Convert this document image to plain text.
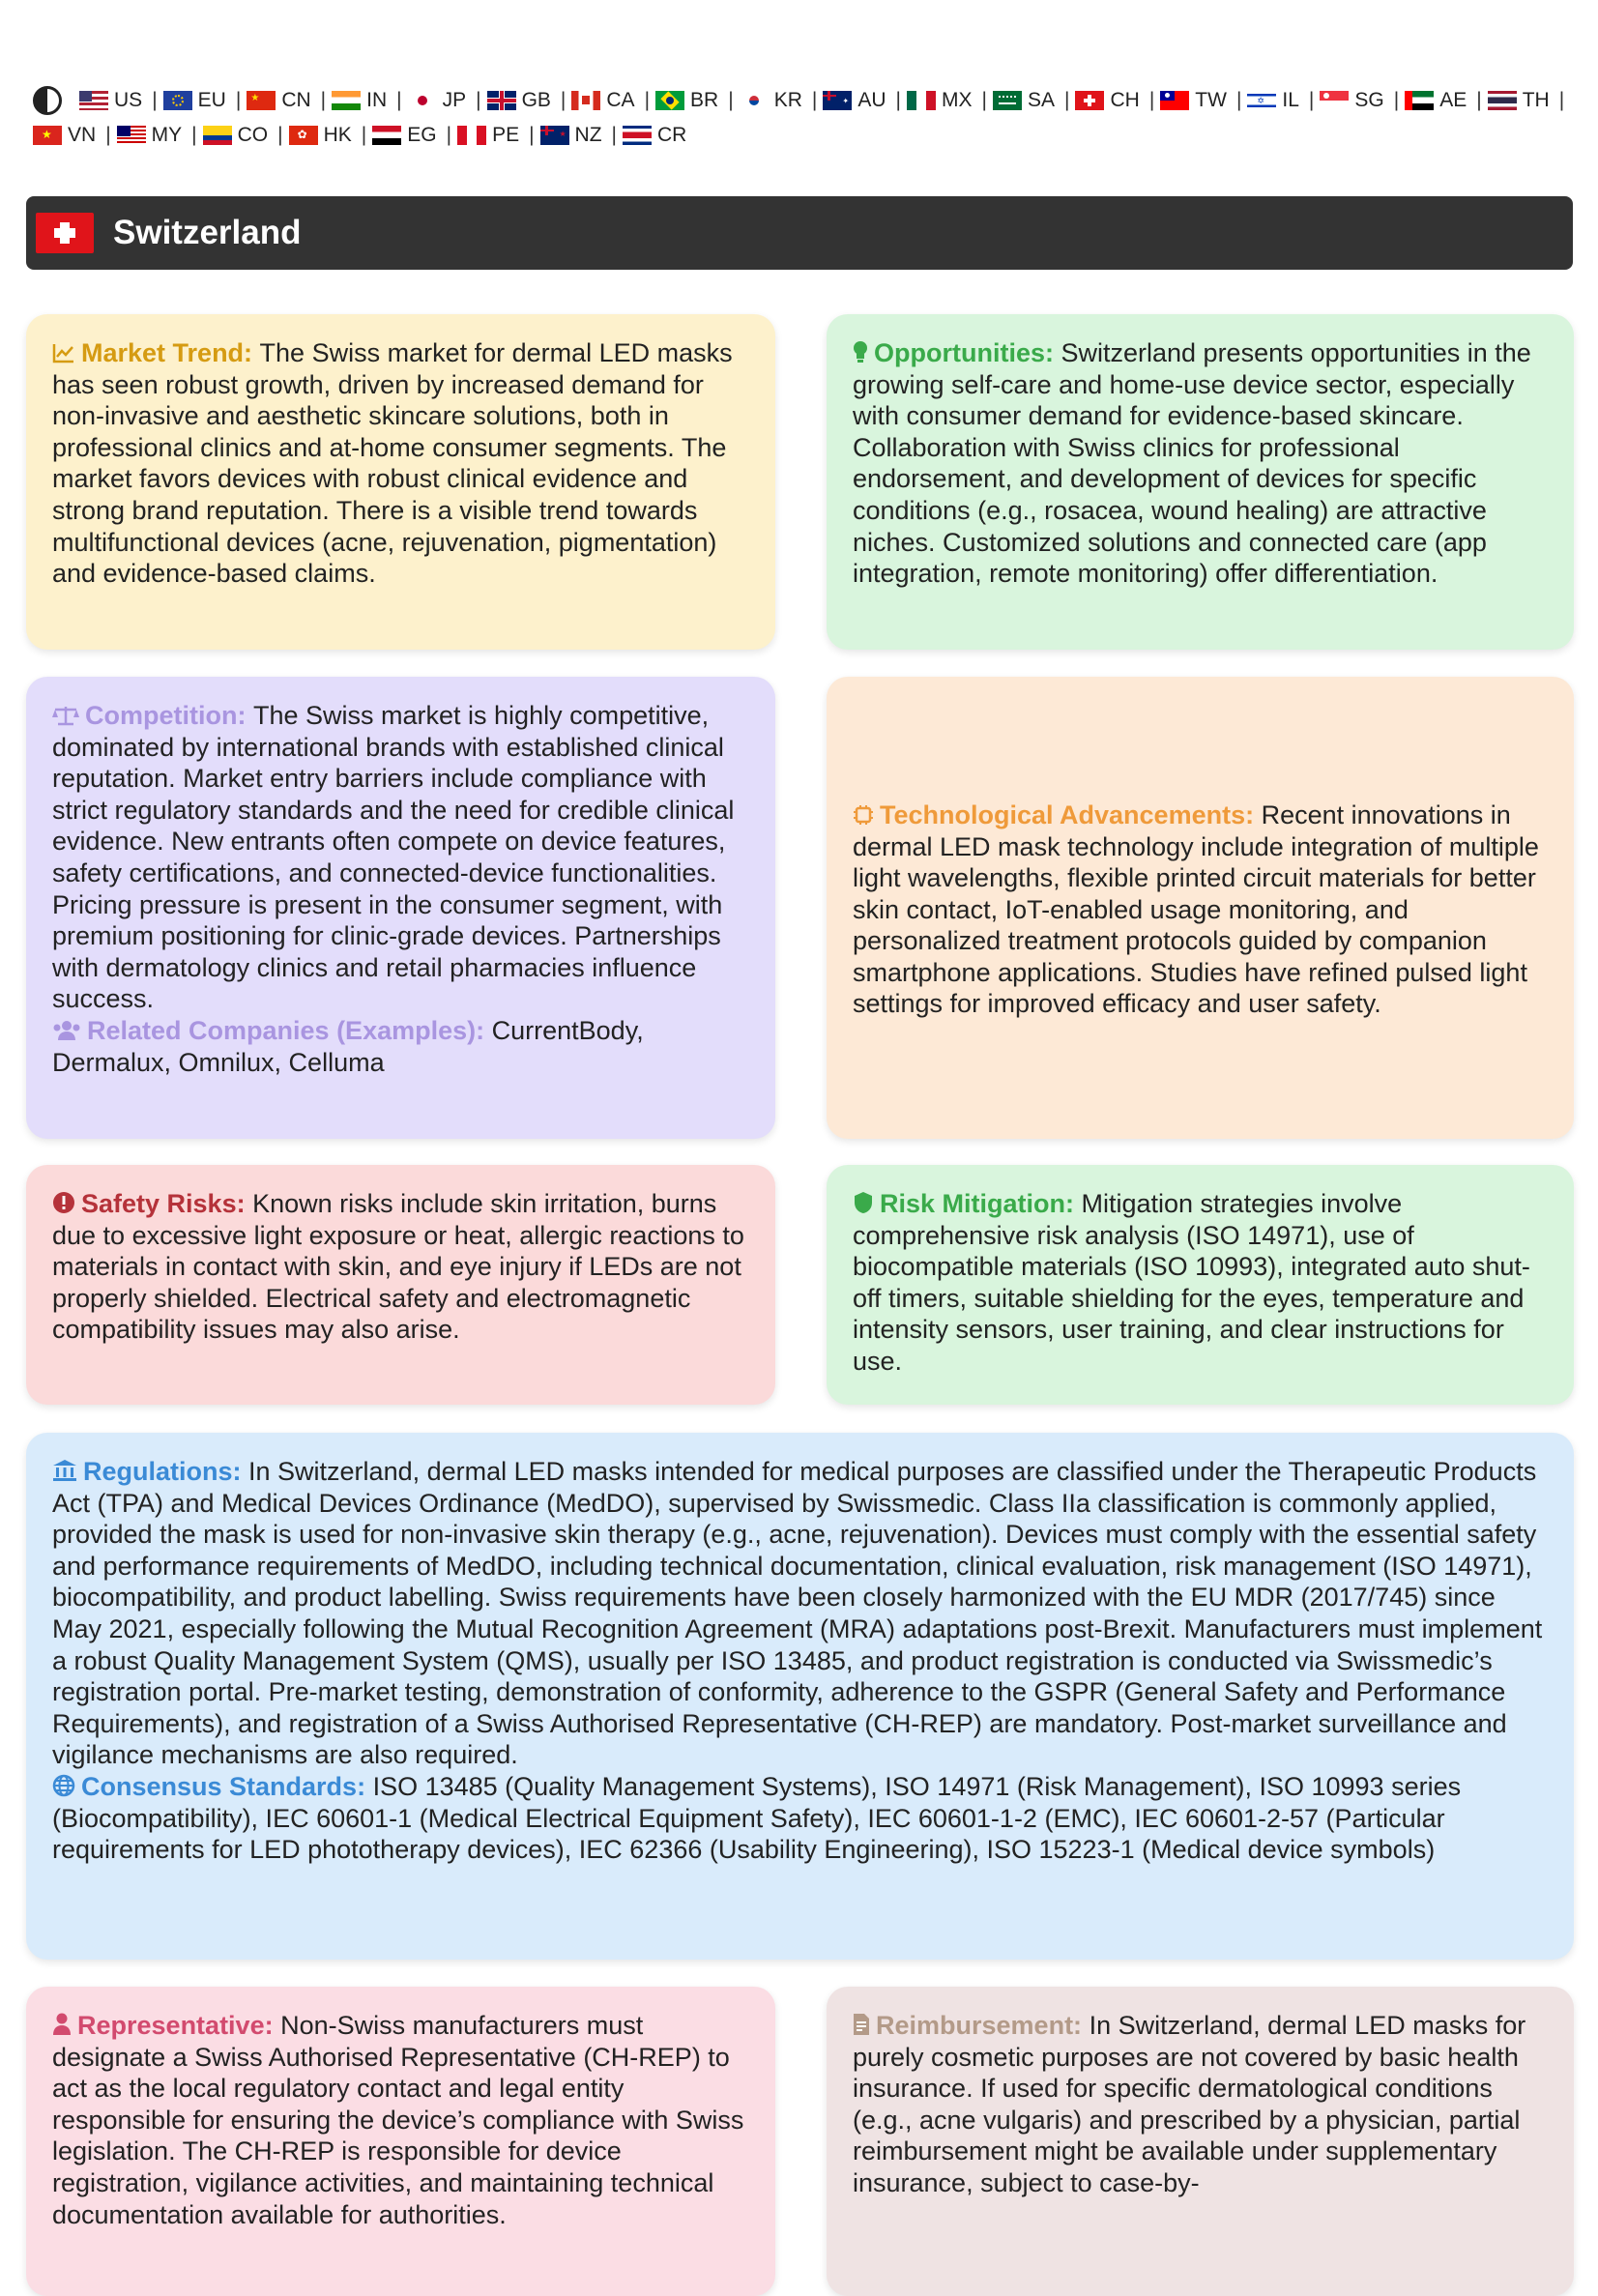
US | EU | ★ CN | IN | JP | GB | CA | BR | KR |	✦ AU | MX | SA | CH | TW | ✡ IL | SG | AE | TH |
★ VN | MY | CO | ✿ HK | EG | PE |	★ NZ | CR
Switzerland
Market Trend: The Swiss market for dermal LED masks has seen robust growth, driven by increased demand for non-invasive and aesthetic skincare solutions, both in professional clinics and at-home consumer segments. The market favors devices with robust clinical evidence and strong brand reputation. There is a visible trend towards multifunctional devices (acne, rejuvenation, pigmentation) and evidence-based claims.
Opportunities: Switzerland presents opportunities in the growing self-care and home-use device sector, especially with consumer demand for evidence-based skincare. Collaboration with Swiss clinics for professional endorsement, and development of devices for specific conditions (e.g., rosacea, wound healing) are attractive niches. Customized solutions and connected care (app integration, remote monitoring) offer differentiation.
Competition: The Swiss market is highly competitive, dominated by international brands with established clinical reputation. Market entry barriers include compliance with strict regulatory standards and the need for credible clinical evidence. New entrants often compete on device features, safety certifications, and connected-device functionalities. Pricing pressure is present in the consumer segment, with premium positioning for clinic-grade devices. Partnerships with dermatology clinics and retail pharmacies influence success.
Related Companies (Examples): CurrentBody, Dermalux, Omnilux, Celluma
Technological Advancements: Recent innovations in dermal LED mask technology include integration of multiple light wavelengths, flexible printed circuit materials for better skin contact, IoT-enabled usage monitoring, and personalized treatment protocols guided by companion smartphone applications. Studies have refined pulsed light settings for improved efficacy and user safety.
Safety Risks: Known risks include skin irritation, burns due to excessive light exposure or heat, allergic reactions to materials in contact with skin, and eye injury if LEDs are not properly shielded. Electrical safety and electromagnetic compatibility issues may also arise.
Risk Mitigation: Mitigation strategies involve comprehensive risk analysis (ISO 14971), use of biocompatible materials (ISO 10993), integrated auto shut-off timers, suitable shielding for the eyes, temperature and intensity sensors, user training, and clear instructions for use.
Regulations: In Switzerland, dermal LED masks intended for medical purposes are classified under the Therapeutic Products Act (TPA) and Medical Devices Ordinance (MedDO), supervised by Swissmedic. Class IIa classification is commonly applied, provided the mask is used for non-invasive skin therapy (e.g., acne, rejuvenation). Devices must comply with the essential safety and performance requirements of MedDO, including technical documentation, clinical evaluation, risk management (ISO 14971), biocompatibility, and product labelling. Swiss requirements have been closely harmonized with the EU MDR (2017/745) since May 2021, especially following the Mutual Recognition Agreement (MRA) adaptations post-Brexit. Manufacturers must implement a robust Quality Management System (QMS), usually per ISO 13485, and product registration is conducted via Swissmedic’s registration portal. Pre-market testing, demonstration of conformity, adherence to the GSPR (General Safety and Performance Requirements), and registration of a Swiss Authorised Representative (CH-REP) are mandatory. Post-market surveillance and vigilance mechanisms are also required.
Consensus Standards: ISO 13485 (Quality Management Systems), ISO 14971 (Risk Management), ISO 10993 series (Biocompatibility), IEC 60601-1 (Medical Electrical Equipment Safety), IEC 60601-1-2 (EMC), IEC 60601-2-57 (Particular requirements for LED phototherapy devices), IEC 62366 (Usability Engineering), ISO 15223-1 (Medical device symbols)
Representative: Non-Swiss manufacturers must designate a Swiss Authorised Representative (CH-REP) to act as the local regulatory contact and legal entity responsible for ensuring the device’s compliance with Swiss legislation. The CH-REP is responsible for device registration, vigilance activities, and maintaining technical documentation available for authorities.
Reimbursement: In Switzerland, dermal LED masks for purely cosmetic purposes are not covered by basic health insurance. If used for specific dermatological conditions (e.g., acne vulgaris) and prescribed by a physician, partial reimbursement might be available under supplementary insurance, subject to case-by-
